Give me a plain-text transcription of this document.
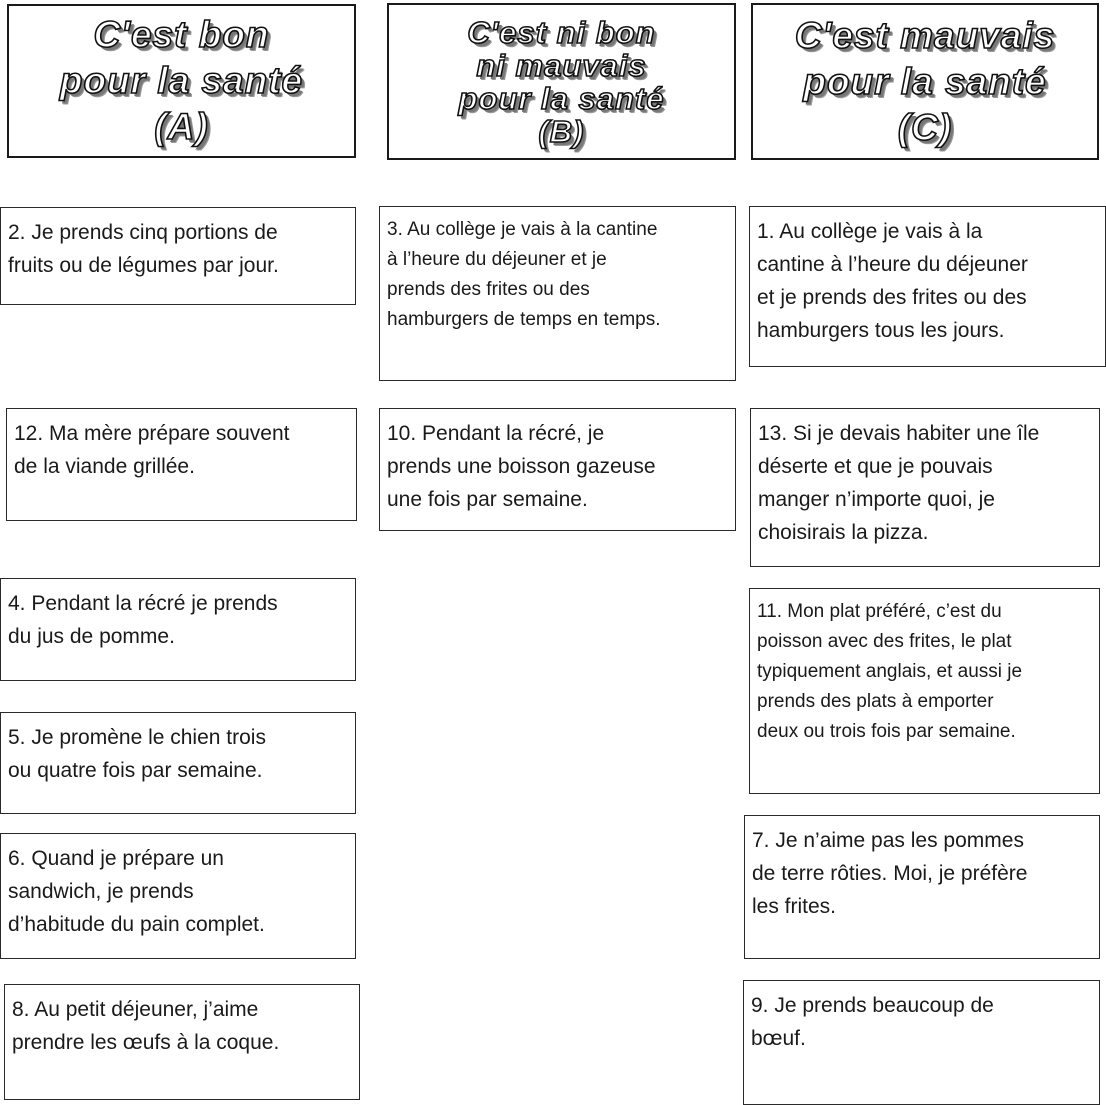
C'est bon
pour la santé
(A)
C'est ni bon
ni mauvais
pour la santé
(B)
C'est mauvais
pour la santé
(C)
2. Je prends cinq portions de
fruits ou de légumes par jour.
12. Ma mère prépare souvent
de la viande grillée.
4. Pendant la récré je prends
du jus de pomme.
5. Je promène le chien trois
ou quatre fois par semaine.
6. Quand je prépare un
sandwich, je prends
d’habitude du pain complet.
8. Au petit déjeuner, j’aime
prendre les œufs à la coque.
3. Au collège je vais à la cantine
à l’heure du déjeuner et je
prends des frites ou des
hamburgers de temps en temps.
10. Pendant la récré, je
prends une boisson gazeuse
une fois par semaine.
1. Au collège je vais à la
cantine à l’heure du déjeuner
et je prends des frites ou des
hamburgers tous les jours.
13. Si je devais habiter une île
déserte et que je pouvais
manger n’importe quoi, je
choisirais la pizza.
11. Mon plat préféré, c’est du
poisson avec des frites, le plat
typiquement anglais, et aussi je
prends des plats à emporter
deux ou trois fois par semaine.
7. Je n’aime pas les pommes
de terre rôties. Moi, je préfère
les frites.
9. Je prends beaucoup de
bœuf.
